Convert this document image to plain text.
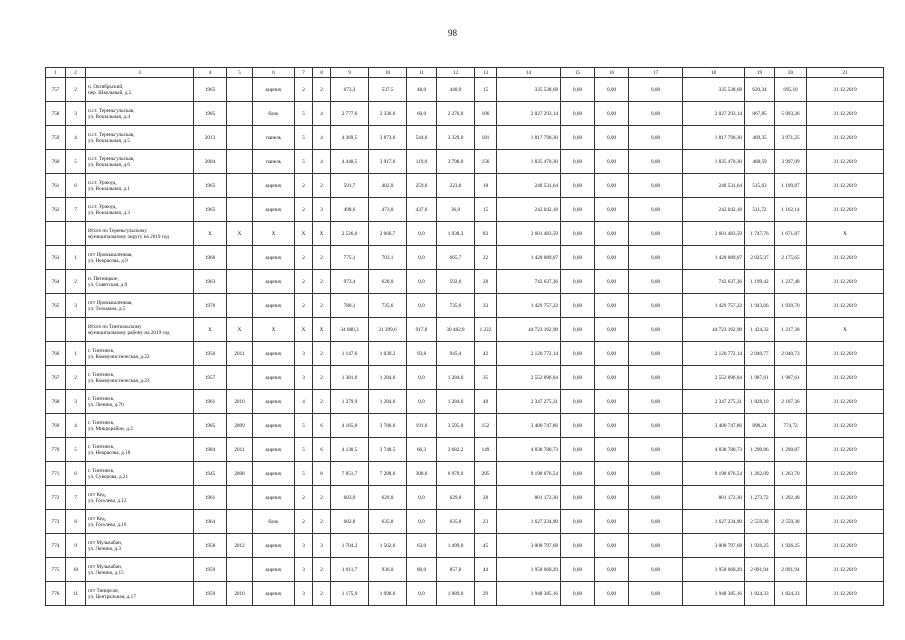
98
1	2	3	4	5	6	7	8	9	10	11	12	13	14	15	16	17	18	19	20	21
757	2	п. Октябрьский,
пер. Школьный, д.5	1965		кирпич	2	2	673,3	537,5	48,0	448,9	15	335 538,68	0,00	0,00	0,00	335 538,68	620,34	695,10	31.12.2019
758	3	п.ст. Тереньгульская,
ул. Вокзальная, д.4	1985		блок	5	4	2 777,6	2 336,0	60,0	2 276,0	106	2 027 293,14	0,00	0,00	0,00	2 027 293,14	867,85	5 093,36	31.12.2019
759	4	п.ст. Тереньгульская,
ул. Вокзальная, д.5	2013		панель	5	4	4 369,5	3 873,0	544,0	3 329,0	181	1 817 790,30	0,00	0,00	0,00	1 817 790,30	469,35	3 971,25	31.12.2019
760	5	п.ст. Тереньгульская,
ул. Вокзальная, д.6	2004		панель	5	4	4 448,5	3 917,0	119,0	3 798,0	156	1 835 470,30	0,00	0,00	0,00	1 835 470,30	468,59	3 997,09	31.12.2019
761	6	п.ст. Уржоуд,
ул. Вокзальная, д.1	1965		кирпич	2	2	591,7	482,0	259,0	223,0	18	248 531,64	0,00	0,00	0,00	248 531,64	515,63	1 109,87	31.12.2019
762	7	п.ст. Уржоуд,
ул. Вокзальная, д.3	1965		кирпич	2	3	498,6	473,0	437,0	36,0	15	242 042,18	0,00	0,00	0,00	242 042,18	511,72	1 162,14	31.12.2019
		Итого по Тереньгульскому
муниципальному округу на 2019 год	X	X	X	X	X	2 526,6	2 066,7	0,0	1 938,3	83	3 601 483,59	0,00	0,00	0,00	3 601 483,59	1 747,76	1 671,87	X
763	1	пгт Промышленная,
ул. Некрасова, д.9	1960		кирпич	2	2	775,1	703,1	0,0	665,7	22	1 428 089,07	0,00	0,00	0,00	1 428 089,07	2 025,37	2 175,65	31.12.2019
764	2	п. Пятницкое,
ул. Советская, д.9	1963		кирпич	2	2	973,4	620,0	0,0	592,0	28	743 637,36	0,00	0,00	0,00	743 637,36	1 199,42	1 237,48	31.12.2019
765	3	пгт Промышленная,
ул. Тельмана, д.5	1978		кирпич	2	2	780,1	735,6	0,0	735,6	33	1 429 757,22	0,00	0,00	0,00	1 429 757,22	1 943,66	1 939,70	31.12.2019
		Итого по Тинтюльскому
муниципальному району на 2019 год	X	X	X	X	X	34 080,3	31 399,6	917,8	30 482,8	1 222	44 723 162,98	0,00	0,00	0,00	44 723 162,98	1 424,32	1 217,38	X
766	1	г. Тинтинск,
ул. Коммунистическая, д.22	1956	2011	кирпич	3	2	1 147,6	1 039,2	93,8	945,4	42	2 120 772,14	0,00	0,00	0,00	2 120 772,14	2 040,77	2 040,73	31.12.2019
767	2	г. Тинтинск,
ул. Коммунистическая, д.23	1957		кирпич	3	2	1 381,0	1 284,0	0,0	1 284,0	35	2 552 096,84	0,00	0,00	0,00	2 552 096,84	1 987,61	1 987,61	31.12.2019
768	3	г. Тинтинск,
ул. Ленина, д.70	1961	2010	кирпич	4	2	1 379,9	1 284,0	0,0	1 284,0	48	2 347 275,31	0,00	0,00	0,00	2 347 275,31	1 828,10	2 107,36	31.12.2019
769	4	г. Тинтинск,
ул. Микрорайон, д.2	1985	2009	кирпич	5	6	4 165,0	3 786,0	191,0	3 595,0	152	3 400 747,86	0,00	0,00	0,00	3 400 747,86	898,24	774,72	31.12.2019
770	5	г. Тинтинск,
ул. Некрасова, д.18	1984	2011	кирпич	5	6	4 130,5	3 748,5	66,3	3 682,2	149	4 838 780,73	0,00	0,00	0,00	4 838 780,73	1 290,86	1 290,87	31.12.2019
771	6	г. Тинтинск,
ул. Суворова, д.21	1945	2008	кирпич	5	8	7 851,7	7 288,0	308,0	6 979,0	295	9 198 076,54	0,00	0,00	0,00	9 198 076,54	1 262,09	1 263,70	31.12.2019
772	7	пгт Кед,
ул. Гоголева, д.12	1961		кирпич	2	2	683,9	629,0	0,0	629,0	28	801 172,30	0,00	0,00	0,00	801 172,30	1 273,72	1 292,48	31.12.2019
773	8	пгт Кед,
ул. Гоголева, д.16	1964		блок	2	2	682,8	635,8	0,0	635,8	23	1 627 234,90	0,00	0,00	0,00	1 627 234,90	2 559,38	2 559,38	31.12.2019
774	9	пгт Мулькабан,
ул. Ленина, д.3	1958	2012	кирпич	3	3	1 704,2	1 562,0	63,0	1 499,0	45	3 008 797,68	0,00	0,00	0,00	3 008 797,68	1 926,25	1 926,25	31.12.2019
775	10	пгт Мулькабан,
ул. Ленина, д.15	1959		кирпич	3	2	1 011,7	936,0	80,0	857,0	44	1 958 060,20	0,00	0,00	0,00	1 958 060,20	2 091,94	2 091,94	31.12.2019
776	11	пгт Тинирган,
ул. Центральная, д.17	1959	2010	кирпич	3	2	1 175,9	1 098,0	0,0	1 089,0	29	1 948 385,16	0,00	0,00	0,00	1 948 385,16	1 824,33	1 824,33	31.12.2019
